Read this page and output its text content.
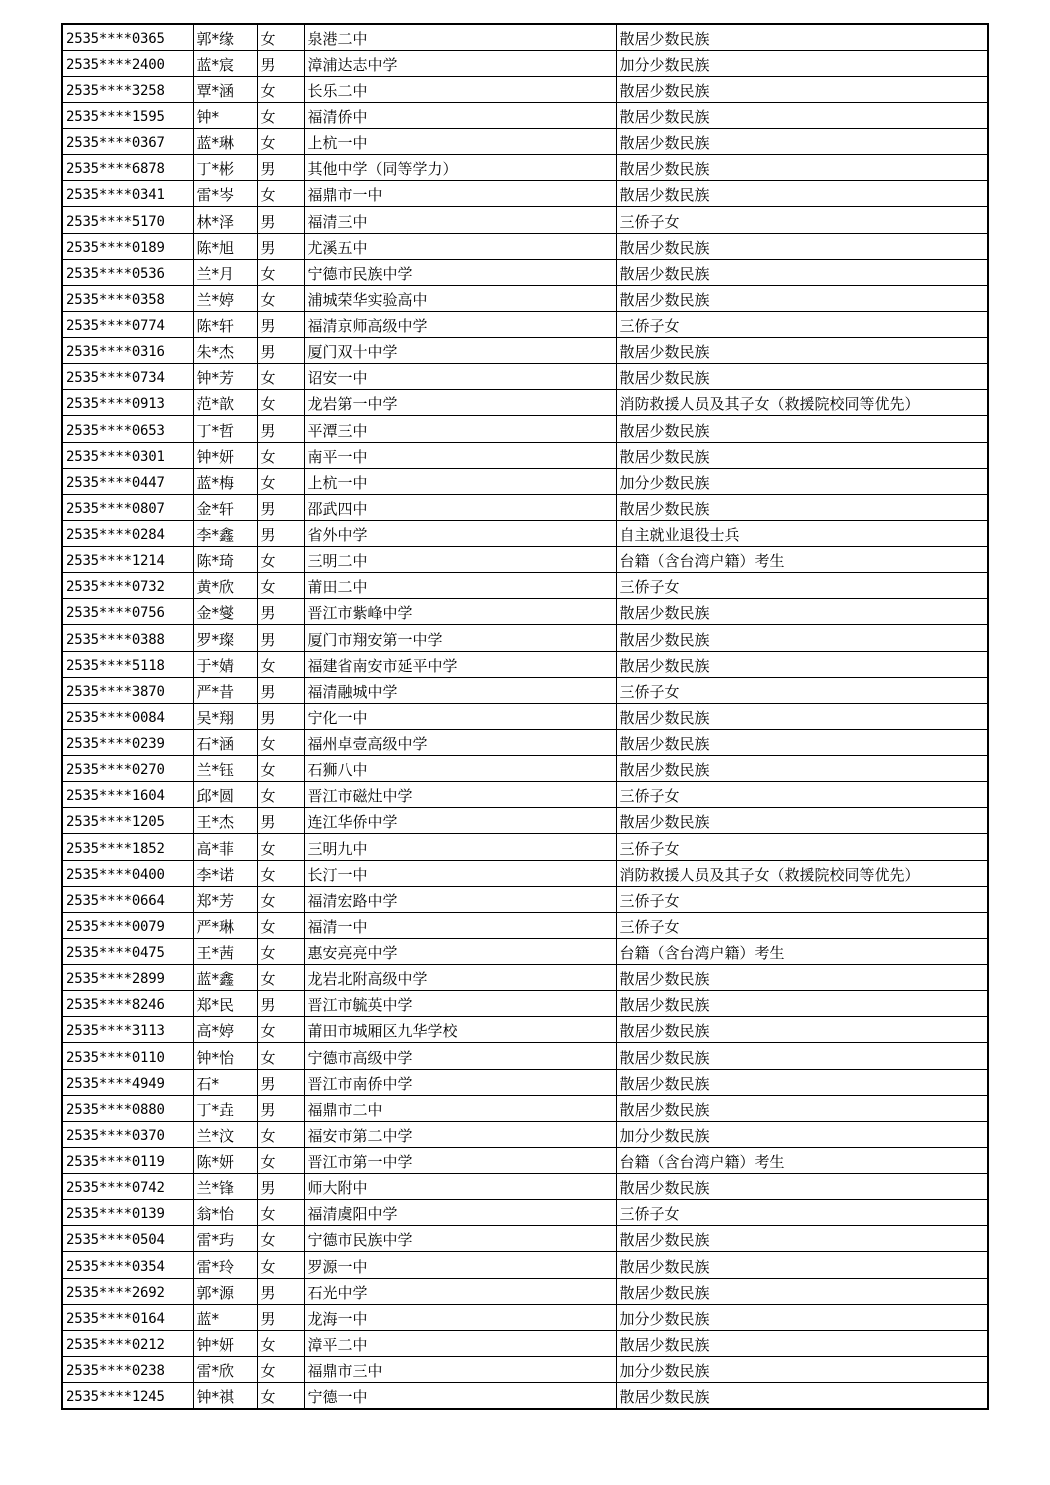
2535****0365	郭*缘	女	泉港二中	散居少数民族
2535****2400	蓝*宸	男	漳浦达志中学	加分少数民族
2535****3258	覃*涵	女	长乐二中	散居少数民族
2535****1595	钟*	女	福清侨中	散居少数民族
2535****0367	蓝*琳	女	上杭一中	散居少数民族
2535****6878	丁*彬	男	其他中学（同等学力）	散居少数民族
2535****0341	雷*岑	女	福鼎市一中	散居少数民族
2535****5170	林*泽	男	福清三中	三侨子女
2535****0189	陈*旭	男	尤溪五中	散居少数民族
2535****0536	兰*月	女	宁德市民族中学	散居少数民族
2535****0358	兰*婷	女	浦城荣华实验高中	散居少数民族
2535****0774	陈*轩	男	福清京师高级中学	三侨子女
2535****0316	朱*杰	男	厦门双十中学	散居少数民族
2535****0734	钟*芳	女	诏安一中	散居少数民族
2535****0913	范*歆	女	龙岩第一中学	消防救援人员及其子女（救援院校同等优先）
2535****0653	丁*哲	男	平潭三中	散居少数民族
2535****0301	钟*妍	女	南平一中	散居少数民族
2535****0447	蓝*梅	女	上杭一中	加分少数民族
2535****0807	金*轩	男	邵武四中	散居少数民族
2535****0284	李*鑫	男	省外中学	自主就业退役士兵
2535****1214	陈*琦	女	三明二中	台籍（含台湾户籍）考生
2535****0732	黄*欣	女	莆田二中	三侨子女
2535****0756	金*燮	男	晋江市紫峰中学	散居少数民族
2535****0388	罗*璨	男	厦门市翔安第一中学	散居少数民族
2535****5118	于*婧	女	福建省南安市延平中学	散居少数民族
2535****3870	严*昔	男	福清融城中学	三侨子女
2535****0084	吴*翔	男	宁化一中	散居少数民族
2535****0239	石*涵	女	福州卓壹高级中学	散居少数民族
2535****0270	兰*钰	女	石狮八中	散居少数民族
2535****1604	邱*圆	女	晋江市磁灶中学	三侨子女
2535****1205	王*杰	男	连江华侨中学	散居少数民族
2535****1852	高*菲	女	三明九中	三侨子女
2535****0400	李*诺	女	长汀一中	消防救援人员及其子女（救援院校同等优先）
2535****0664	郑*芳	女	福清宏路中学	三侨子女
2535****0079	严*琳	女	福清一中	三侨子女
2535****0475	王*茜	女	惠安亮亮中学	台籍（含台湾户籍）考生
2535****2899	蓝*鑫	女	龙岩北附高级中学	散居少数民族
2535****8246	郑*民	男	晋江市毓英中学	散居少数民族
2535****3113	高*婷	女	莆田市城厢区九华学校	散居少数民族
2535****0110	钟*怡	女	宁德市高级中学	散居少数民族
2535****4949	石*	男	晋江市南侨中学	散居少数民族
2535****0880	丁*垚	男	福鼎市二中	散居少数民族
2535****0370	兰*汶	女	福安市第二中学	加分少数民族
2535****0119	陈*妍	女	晋江市第一中学	台籍（含台湾户籍）考生
2535****0742	兰*锋	男	师大附中	散居少数民族
2535****0139	翁*怡	女	福清虞阳中学	三侨子女
2535****0504	雷*玙	女	宁德市民族中学	散居少数民族
2535****0354	雷*玲	女	罗源一中	散居少数民族
2535****2692	郭*源	男	石光中学	散居少数民族
2535****0164	蓝*	男	龙海一中	加分少数民族
2535****0212	钟*妍	女	漳平二中	散居少数民族
2535****0238	雷*欣	女	福鼎市三中	加分少数民族
2535****1245	钟*祺	女	宁德一中	散居少数民族
